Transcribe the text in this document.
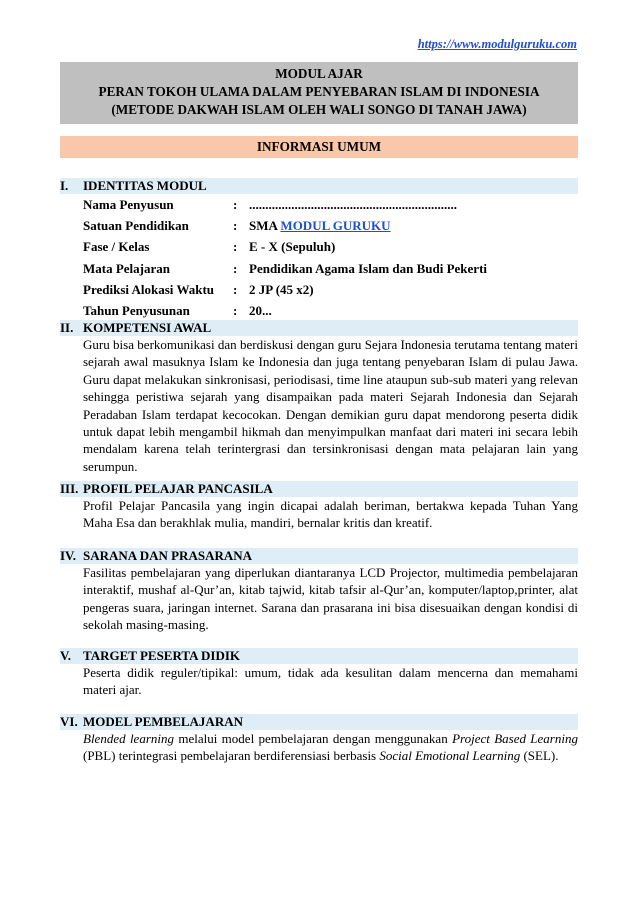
https://www.modulguruku.com
MODUL AJAR
PERAN TOKOH ULAMA DALAM PENYEBARAN ISLAM DI INDONESIA
(METODE DAKWAH ISLAM OLEH WALI SONGO DI TANAH JAWA)
INFORMASI UMUM
I. IDENTITAS MODUL
Nama Penyusun	: ................................................................
Satuan Pendidikan	: SMA MODUL GURUKU
Fase / Kelas	: E - X (Sepuluh)
Mata Pelajaran	: Pendidikan Agama Islam dan Budi Pekerti
Prediksi Alokasi Waktu	: 2 JP (45 x2)
Tahun Penyusunan	: 20...
II. KOMPETENSI AWAL
Guru bisa berkomunikasi dan berdiskusi dengan guru Sejara Indonesia terutama tentang materi sejarah awal masuknya Islam ke Indonesia dan juga tentang penyebaran Islam di pulau Jawa. Guru dapat melakukan sinkronisasi, periodisasi, time line ataupun sub-sub materi yang relevan sehingga peristiwa sejarah yang disampaikan pada materi Sejarah Indonesia dan Sejarah Peradaban Islam terdapat kecocokan. Dengan demikian guru dapat mendorong peserta didik untuk dapat lebih mengambil hikmah dan menyimpulkan manfaat dari materi ini secara lebih mendalam karena telah terintergrasi dan tersinkronisasi dengan mata pelajaran lain yang serumpun.
III. PROFIL PELAJAR PANCASILA
Profil Pelajar Pancasila yang ingin dicapai adalah beriman, bertakwa kepada Tuhan Yang Maha Esa dan berakhlak mulia, mandiri, bernalar kritis dan kreatif.
IV. SARANA DAN PRASARANA
Fasilitas pembelajaran yang diperlukan diantaranya LCD Projector, multimedia pembelajaran interaktif, mushaf al-Qur’an, kitab tajwid, kitab tafsir al-Qur’an, komputer/laptop,printer, alat pengeras suara, jaringan internet. Sarana dan prasarana ini bisa disesuaikan dengan kondisi di sekolah masing-masing.
V. TARGET PESERTA DIDIK
Peserta didik reguler/tipikal: umum, tidak ada kesulitan dalam mencerna dan memahami materi ajar.
VI. MODEL PEMBELAJARAN
Blended learning melalui model pembelajaran dengan menggunakan Project Based Learning (PBL) terintegrasi pembelajaran berdiferensiasi berbasis Social Emotional Learning (SEL).
